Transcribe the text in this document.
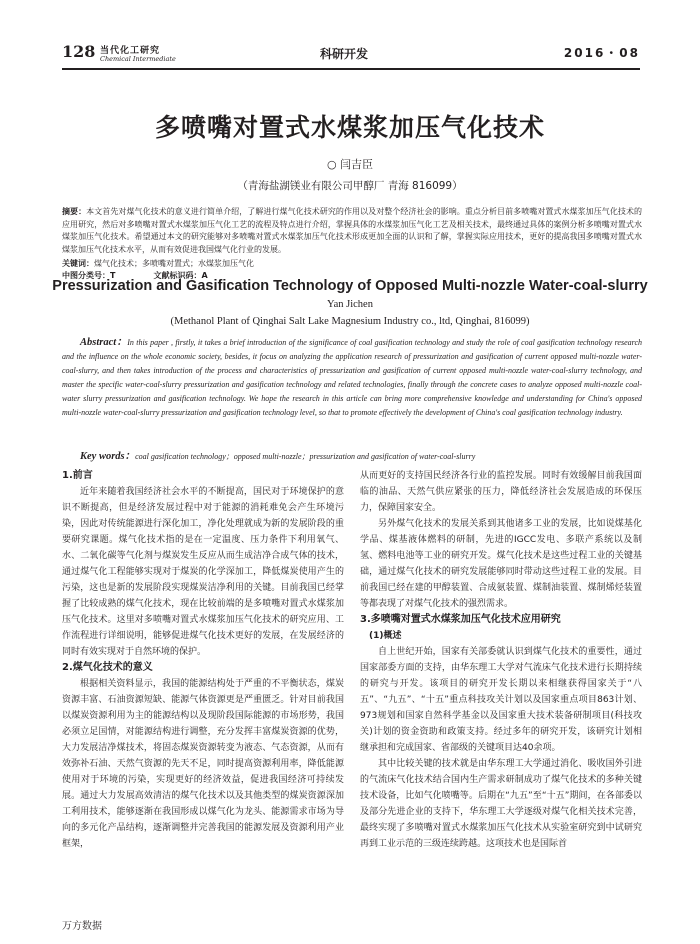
128 当代化工研究
Chemical Intermediate	科研开发	2016・08
多喷嘴对置式水煤浆加压气化技术
○ 闫吉臣
（青海盐湖镁业有限公司甲醇厂 青海 816099）
摘要：本文首先对煤气化技术的意义进行简单介绍，了解进行煤气化技术研究的作用以及对整个经济社会的影响。重点分析目前多喷嘴对置式水煤浆加压气化技术的应用研究，然后对多喷嘴对置式水煤浆加压气化工艺的流程及特点进行介绍，掌握具体的水煤浆加压气化工艺及相关技术，最终通过具体的案例分析多喷嘴对置式水煤浆加压气化技术。希望通过本文的研究能够对多喷嘴对置式水煤浆加压气化技术形成更加全面的认识和了解，掌握实际应用技术，更好的提高我国多喷嘴对置式水煤浆加压气化技术水平，从而有效促进我国煤气化行业的发展。
关键词：煤气化技术；多喷嘴对置式；水煤浆加压气化
中图分类号：T	文献标识码：A
Pressurization and Gasification Technology of Opposed Multi-nozzle Water-coal-slurry
Yan Jichen
(Methanol Plant of Qinghai Salt Lake Magnesium Industry co., ltd, Qinghai, 816099)
Abstract：In this paper , firstly, it takes a brief introduction of the significance of coal gasification technology and study the role of coal gasification technology research and the influence on the whole economic society, besides, it focus on analyzing the application research of pressurization and gasification of current opposed multi-nozzle water-coal-slurry, and then takes introduction of the process and characteristics of pressurization and gasification of current opposed multi-nozzle water-coal-slurry technology, and master the specific water-coal-slurry pressurization and gasification technology and related technologies, finally through the concrete cases to analyze opposed multi-nozzle coal-water slurry pressurization and gasification technology. We hope the research in this article can bring more comprehensive knowledge and understanding for China's opposed multi-nozzle water-coal-slurry pressurization and gasification technology level, so that to promote effectively the development of China's coal gasification technology industry.
Key words：coal gasification technology；opposed multi-nozzle；pressurization and gasification of water-coal-slurry
1.前言

近年来随着我国经济社会水平的不断提高，国民对于环境保护的意识不断提高，但是经济发展过程中对于能源的消耗难免会产生环境污染，因此对传统能源进行深化加工，净化处理就成为新的发展阶段的重要研究课题。煤气化技术指的是在一定温度、压力条件下利用氧气、水、二氧化碳等气化剂与煤炭发生反应从而生成洁净合成气体的技术，通过煤气化工程能够实现对于煤炭的化学深加工，降低煤炭使用产生的污染，这也是新的发展阶段实现煤炭洁净利用的关键。目前我国已经掌握了比较成熟的煤气化技术，现在比较前端的是多喷嘴对置式水煤浆加压气化技术。这里对多喷嘴对置式水煤浆加压气化技术的研究应用、工作流程进行详细说明，能够促进煤气化技术更好的发展，在发展经济的同时有效实现对于自然环境的保护。

2.煤气化技术的意义

根据相关资料显示，我国的能源结构处于严重的不平衡状态，煤炭资源丰富、石油资源短缺、能源气体资源更是严重匮乏。针对目前我国以煤炭资源利用为主的能源结构以及现阶段国际能源的市场形势，我国必须立足国情，对能源结构进行调整，充分发挥丰富煤炭资源的优势，大力发展洁净煤技术，将固态煤炭资源转变为液态、气态资源，从而有效弥补石油、天然气资源的先天不足，同时提高资源利用率，降低能源使用对于环境的污染，实现更好的经济效益，促进我国经济可持续发展。通过大力发展高效清洁的煤气化技术以及其他类型的煤炭资源深加工利用技术，能够逐渐在我国形成以煤气化为龙头、能源需求市场为导向的多元化产品结构，逐渐调整并完善我国的能源发展及资源利用产业框架，

从而更好的支持国民经济各行业的监控发展。同时有效缓解目前我国面临的油品、天然气供应紧张的压力，降低经济社会发展造成的环保压力，保障国家安全。

另外煤气化技术的发展关系到其他诸多工业的发展，比如说煤基化学品、煤基液体燃料的研制，先进的IGCC发电、多联产系统以及制氢、燃料电池等工业的研究开发。煤气化技术是这些过程工业的关键基础，通过煤气化技术的研究发展能够同时带动这些过程工业的发展。目前我国已经在建的甲醇装置、合成氨装置、煤制油装置、煤制烯烃装置等都表现了对煤气化技术的强烈需求。

3.多喷嘴对置式水煤浆加压气化技术应用研究
(1)概述

自上世纪开始，国家有关部委就认识到煤气化技术的重要性，通过国家部委方面的支持，由华东理工大学对气流床气化技术进行长期持续的研究与开发。该项目的研究开发长期以来相继获得国家关于“八五”、“九五”、“十五”重点科技攻关计划以及国家重点项目863计划、973规划和国家自然科学基金以及国家重大技术装备研制项目(科技攻关)计划的资金资助和政策支持。经过多年的研究开发，该研究计划相继承担和完成国家、省部级的关键项目达40余项。

其中比较关键的技术就是由华东理工大学通过消化、吸收国外引进的气流床气化技术结合国内生产需求研制成功了煤气化技术的多种关键技术设备，比如气化喷嘴等。后期在“九五”至“十五”期间，在各部委以及部分先进企业的支持下，华东理工大学逐级对煤气化相关技术完善，最终实现了多喷嘴对置式水煤浆加压气化技术从实验室研究到中试研究再到工业示范的三级连续跨越。这项技术也是国际首

万方数据
